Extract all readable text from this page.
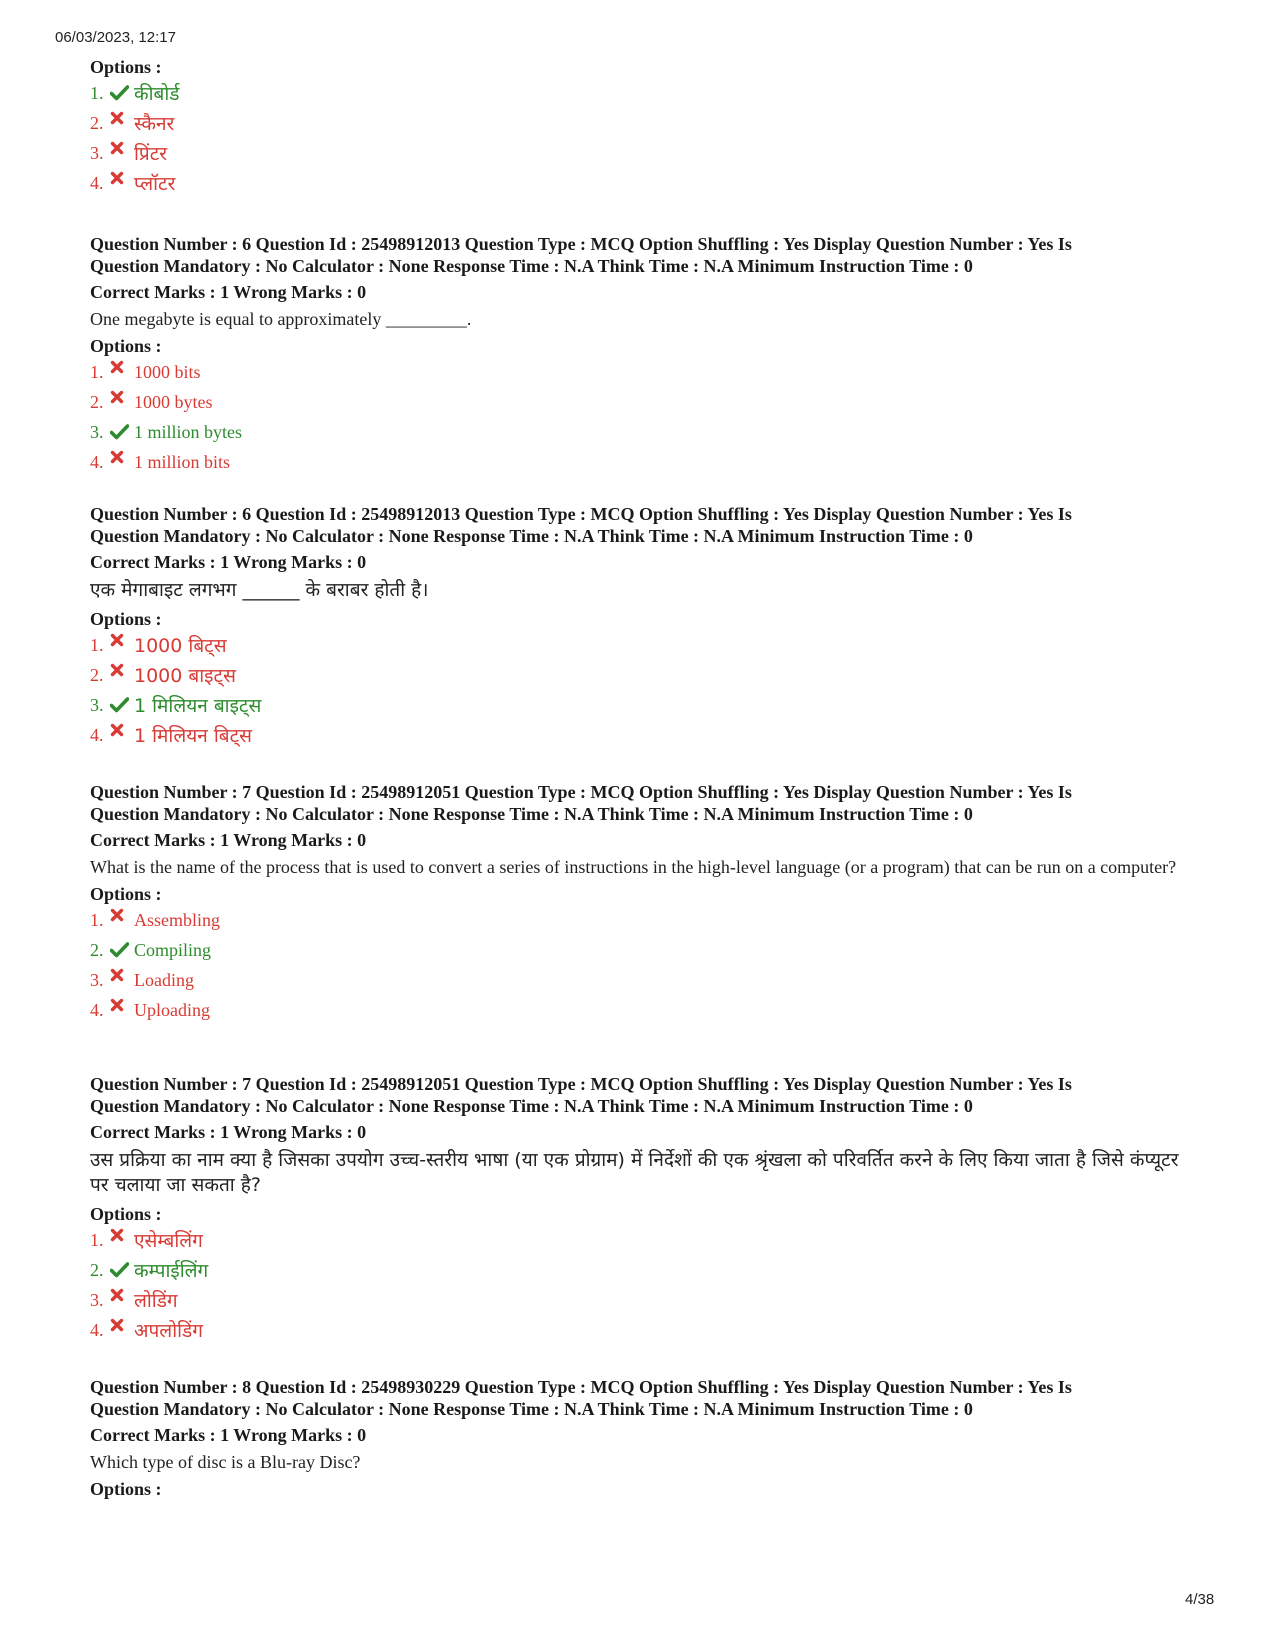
06/03/2023, 12:17
Options :
1.	कीबोर्ड
2.	स्कैनर
3.	प्रिंटर
4.	प्लॉटर
Question Number : 6 Question Id : 25498912013 Question Type : MCQ Option Shuffling : Yes Display Question Number : Yes Is
Question Mandatory : No Calculator : None Response Time : N.A Think Time : N.A Minimum Instruction Time : 0
Correct Marks : 1 Wrong Marks : 0
One megabyte is equal to approximately _________.
Options :
1.	1000 bits
2.	1000 bytes
3.	1 million bytes
4.	1 million bits
Question Number : 6 Question Id : 25498912013 Question Type : MCQ Option Shuffling : Yes Display Question Number : Yes Is
Question Mandatory : No Calculator : None Response Time : N.A Think Time : N.A Minimum Instruction Time : 0
Correct Marks : 1 Wrong Marks : 0
एक मेगाबाइट लगभग ______ के बराबर होती है।
Options :
1.	1000 बिट्स
2.	1000 बाइट्स
3.	1 मिलियन बाइट्स
4.	1 मिलियन बिट्स
Question Number : 7 Question Id : 25498912051 Question Type : MCQ Option Shuffling : Yes Display Question Number : Yes Is
Question Mandatory : No Calculator : None Response Time : N.A Think Time : N.A Minimum Instruction Time : 0
Correct Marks : 1 Wrong Marks : 0
What is the name of the process that is used to convert a series of instructions in the high-level language (or a program) that can be run on a computer?
Options :
1.	Assembling
2.	Compiling
3.	Loading
4.	Uploading
Question Number : 7 Question Id : 25498912051 Question Type : MCQ Option Shuffling : Yes Display Question Number : Yes Is
Question Mandatory : No Calculator : None Response Time : N.A Think Time : N.A Minimum Instruction Time : 0
Correct Marks : 1 Wrong Marks : 0
उस प्रक्रिया का नाम क्या है जिसका उपयोग उच्च-स्तरीय भाषा (या एक प्रोग्राम) में निर्देशों की एक श्रृंखला को परिवर्तित करने के लिए किया जाता है जिसे कंप्यूटर पर चलाया जा सकता है?
Options :
1.	एसेम्बलिंग
2.	कम्पाईलिंग
3.	लोडिंग
4.	अपलोडिंग
Question Number : 8 Question Id : 25498930229 Question Type : MCQ Option Shuffling : Yes Display Question Number : Yes Is
Question Mandatory : No Calculator : None Response Time : N.A Think Time : N.A Minimum Instruction Time : 0
Correct Marks : 1 Wrong Marks : 0
Which type of disc is a Blu-ray Disc?
Options :
4/38
